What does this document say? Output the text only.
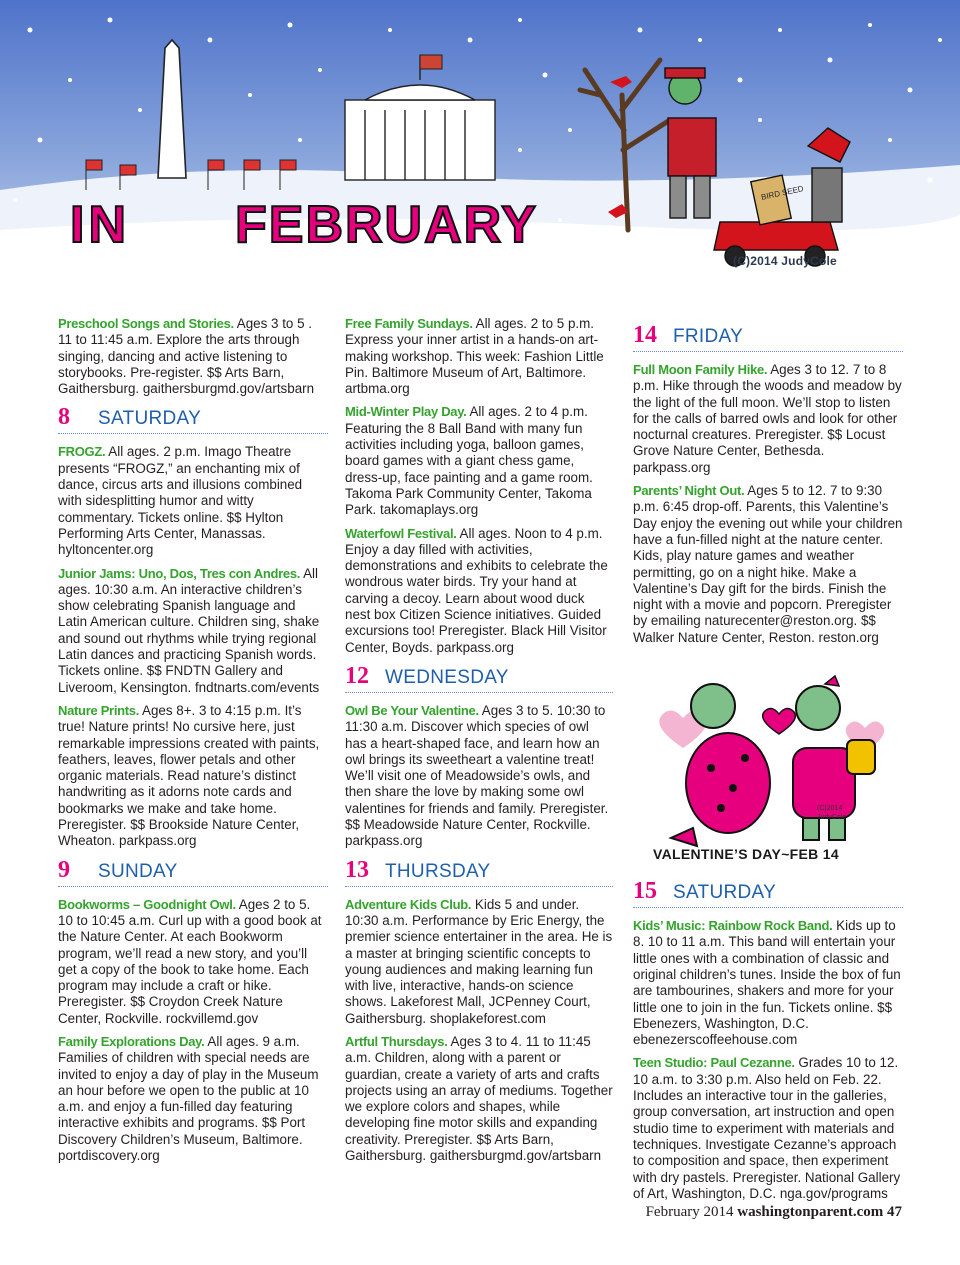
BIRD SEED
IN FEBRUARY
(C)2014 JudyCole
Preschool Songs and Stories. Ages 3 to 5 . 11 to 11:45 a.m. Explore the arts through singing, dancing and active listening to storybooks. Pre-register. $$ Arts Barn, Gaithersburg. gaithersburgmd.gov/artsbarn
8	SATURDAY
FROGZ. All ages. 2 p.m. Imago Theatre presents “FROGZ,” an enchanting mix of dance, circus arts and illusions combined with sidesplitting humor and witty commentary. Tickets online. $$ Hylton Performing Arts Center, Manassas. hyltoncenter.org
Junior Jams: Uno, Dos, Tres con Andres. All ages. 10:30 a.m. An interactive children’s show celebrating Spanish language and Latin American culture. Children sing, shake and sound out rhythms while trying regional Latin dances and practicing Spanish words. Tickets online. $$ FNDTN Gallery and Liveroom, Kensington. fndtnarts.com/events
Nature Prints. Ages 8+. 3 to 4:15 p.m. It’s true! Nature prints! No cursive here, just remarkable impressions created with paints, feathers, leaves, flower petals and other organic materials. Read nature’s distinct handwriting as it adorns note cards and bookmarks we make and take home. Preregister. $$ Brookside Nature Center, Wheaton. parkpass.org
9	SUNDAY
Bookworms – Goodnight Owl. Ages 2 to 5. 10 to 10:45 a.m. Curl up with a good book at the Nature Center. At each Bookworm program, we’ll read a new story, and you’ll get a copy of the book to take home. Each program may include a craft or hike. Preregister. $$ Croydon Creek Nature Center, Rockville. rockvillemd.gov
Family Explorations Day. All ages. 9 a.m. Families of children with special needs are invited to enjoy a day of play in the Museum an hour before we open to the public at 10 a.m. and enjoy a fun-filled day featuring interactive exhibits and programs. $$ Port Discovery Children’s Museum, Baltimore. portdiscovery.org
Free Family Sundays. All ages. 2 to 5 p.m. Express your inner artist in a hands-on art-making workshop. This week: Fashion Little Pin. Baltimore Museum of Art, Baltimore. artbma.org
Mid-Winter Play Day. All ages. 2 to 4 p.m. Featuring the 8 Ball Band with many fun activities including yoga, balloon games, board games with a giant chess game, dress-up, face painting and a game room. Takoma Park Community Center, Takoma Park. takomaplays.org
Waterfowl Festival. All ages. Noon to 4 p.m. Enjoy a day filled with activities, demonstrations and exhibits to celebrate the wondrous water birds. Try your hand at carving a decoy. Learn about wood duck nest box Citizen Science initiatives. Guided excursions too! Preregister. Black Hill Visitor Center, Boyds. parkpass.org
12 WEDNESDAY
Owl Be Your Valentine. Ages 3 to 5. 10:30 to 11:30 a.m. Discover which species of owl has a heart-shaped face, and learn how an owl brings its sweetheart a valentine treat! We’ll visit one of Meadowside’s owls, and then share the love by making some owl valentines for friends and family. Preregister. $$ Meadowside Nature Center, Rockville. parkpass.org
13 THURSDAY
Adventure Kids Club. Kids 5 and under. 10:30 a.m. Performance by Eric Energy, the premier science entertainer in the area. He is a master at bringing scientific concepts to young audiences and making learning fun with live, interactive, hands-on science shows. Lakeforest Mall, JCPenney Court, Gaithersburg. shoplakeforest.com
Artful Thursdays. Ages 3 to 4. 11 to 11:45 a.m. Children, along with a parent or guardian, create a variety of arts and crafts projects using an array of mediums. Together we explore colors and shapes, while developing fine motor skills and expanding creativity. Preregister. $$ Arts Barn, Gaithersburg. gaithersburgmd.gov/artsbarn
14 FRIDAY
Full Moon Family Hike. Ages 3 to 12. 7 to 8 p.m. Hike through the woods and meadow by the light of the full moon. We’ll stop to listen for the calls of barred owls and look for other nocturnal creatures. Preregister. $$ Locust Grove Nature Center, Bethesda. parkpass.org
Parents’ Night Out. Ages 5 to 12. 7 to 9:30 p.m. 6:45 drop-off. Parents, this Valentine’s Day enjoy the evening out while your children have a fun-filled night at the nature center. Kids, play nature games and weather permitting, go on a night hike. Make a Valentine’s Day gift for the birds. Finish the night with a movie and popcorn. Preregister by emailing naturecenter@reston.org. $$ Walker Nature Center, Reston. reston.org
(C)2014
JudyCole
VALENTINE’S DAY~FEB 14
15 SATURDAY
Kids’ Music: Rainbow Rock Band. Kids up to 8. 10 to 11 a.m. This band will entertain your little ones with a combination of classic and original children’s tunes. Inside the box of fun are tambourines, shakers and more for your little one to join in the fun. Tickets online. $$ Ebenezers, Washington, D.C. ebenezerscoffeehouse.com
Teen Studio: Paul Cezanne. Grades 10 to 12. 10 a.m. to 3:30 p.m. Also held on Feb. 22. Includes an interactive tour in the galleries, group conversation, art instruction and open studio time to experiment with materials and techniques. Investigate Cezanne’s approach to composition and space, then experiment with dry pastels. Preregister. National Gallery of Art, Washington, D.C. nga.gov/programs
February 2014 washingtonparent.com 47
